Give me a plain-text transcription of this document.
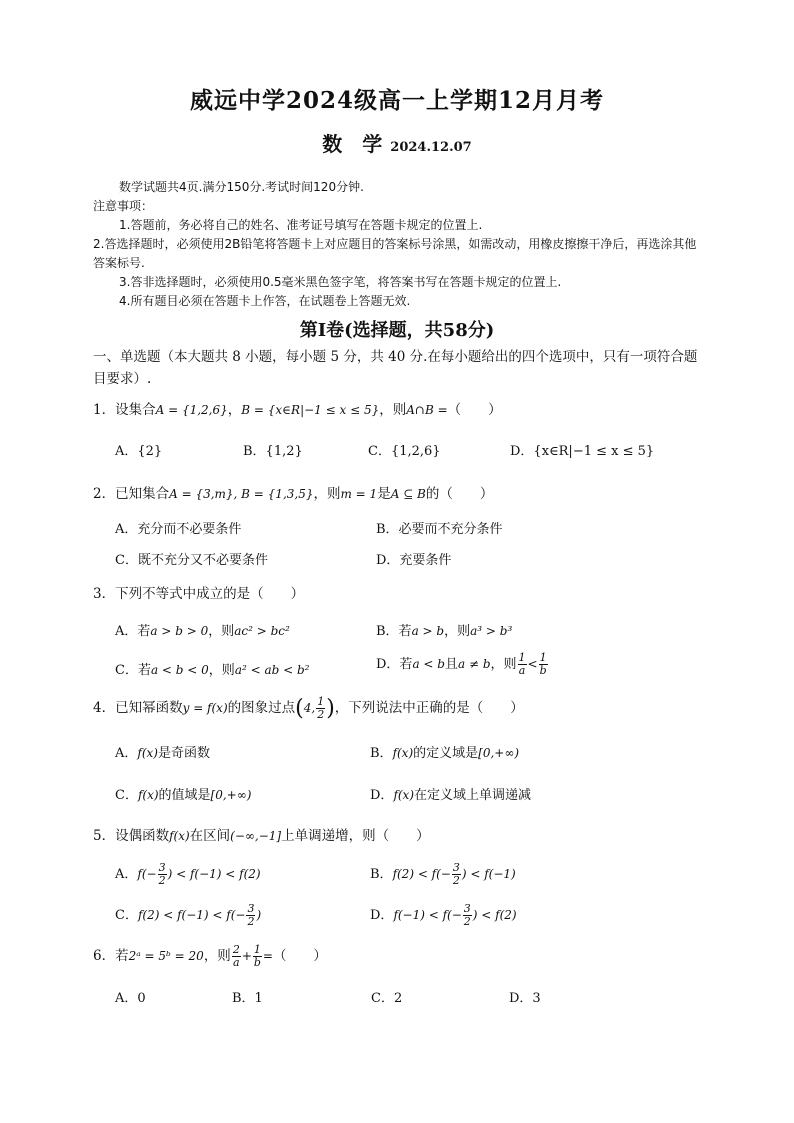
威远中学2024级高一上学期12月月考
数　学 2024.12.07
数学试题共4页.满分150分.考试时间120分钟.
注意事项：
1.答题前，务必将自己的姓名、准考证号填写在答题卡规定的位置上.
2.答选择题时，必须使用2B铅笔将答题卡上对应题目的答案标号涂黑，如需改动，用橡皮擦擦干净后，再选涂其他答案标号.
3.答非选择题时，必须使用0.5毫米黑色签字笔，将答案书写在答题卡规定的位置上.
4.所有题目必须在答题卡上作答，在试题卷上答题无效.
第Ⅰ卷(选择题，共58分)
一、单选题（本大题共 8 小题，每小题 5 分，共 40 分.在每小题给出的四个选项中，只有一项符合题目要求）.
1．设集合A = {1,2,6}，B = {x∈R|−1 ≤ x ≤ 5}，则A∩B =（　　）
A．{2}	B．{1,2}	C．{1,2,6}	D．{x∈R|−1 ≤ x ≤ 5}
2．已知集合A = {3,m}, B = {1,3,5}，则m = 1是A ⊆ B的（　　）
A．充分而不必要条件	B．必要而不充分条件
C．既不充分又不必要条件	D．充要条件
3．下列不等式中成立的是（　　）
A．若a > b > 0，则ac² > bc²	B．若a > b，则a³ > b³
C．若a < b < 0，则a² < ab < b²	D．若a < b且a ≠ b，则 $\frac{1}{a} < \frac{1}{b}$
4．已知幂函数y = f(x)的图象过点(4, $\frac{1}{2}$ )，下列说法中正确的是（　　）
A．f(x)是奇函数	B．f(x)的定义域是[0,+∞)
C．f(x)的值域是[0,+∞)	D．f(x)在定义域上单调递减
5．设偶函数f(x)在区间(−∞,−1]上单调递增，则（　　）
A．$f(- \frac{3}{2}$ ) < f(−1) < f(2)	B．$f(2) < f(- \frac{3}{2}$ ) < f(−1)
C．$f(2) < f(-1) < f(- \frac{3}{2}$ )	D．$f(-1) < f(- \frac{3}{2}$ ) < f(2)
6．若2ᵃ = 5ᵇ = 20，则 $\frac{2}{a} + \frac{1}{b}$ =（　　）
A．0	B．1	C．2	D．3
